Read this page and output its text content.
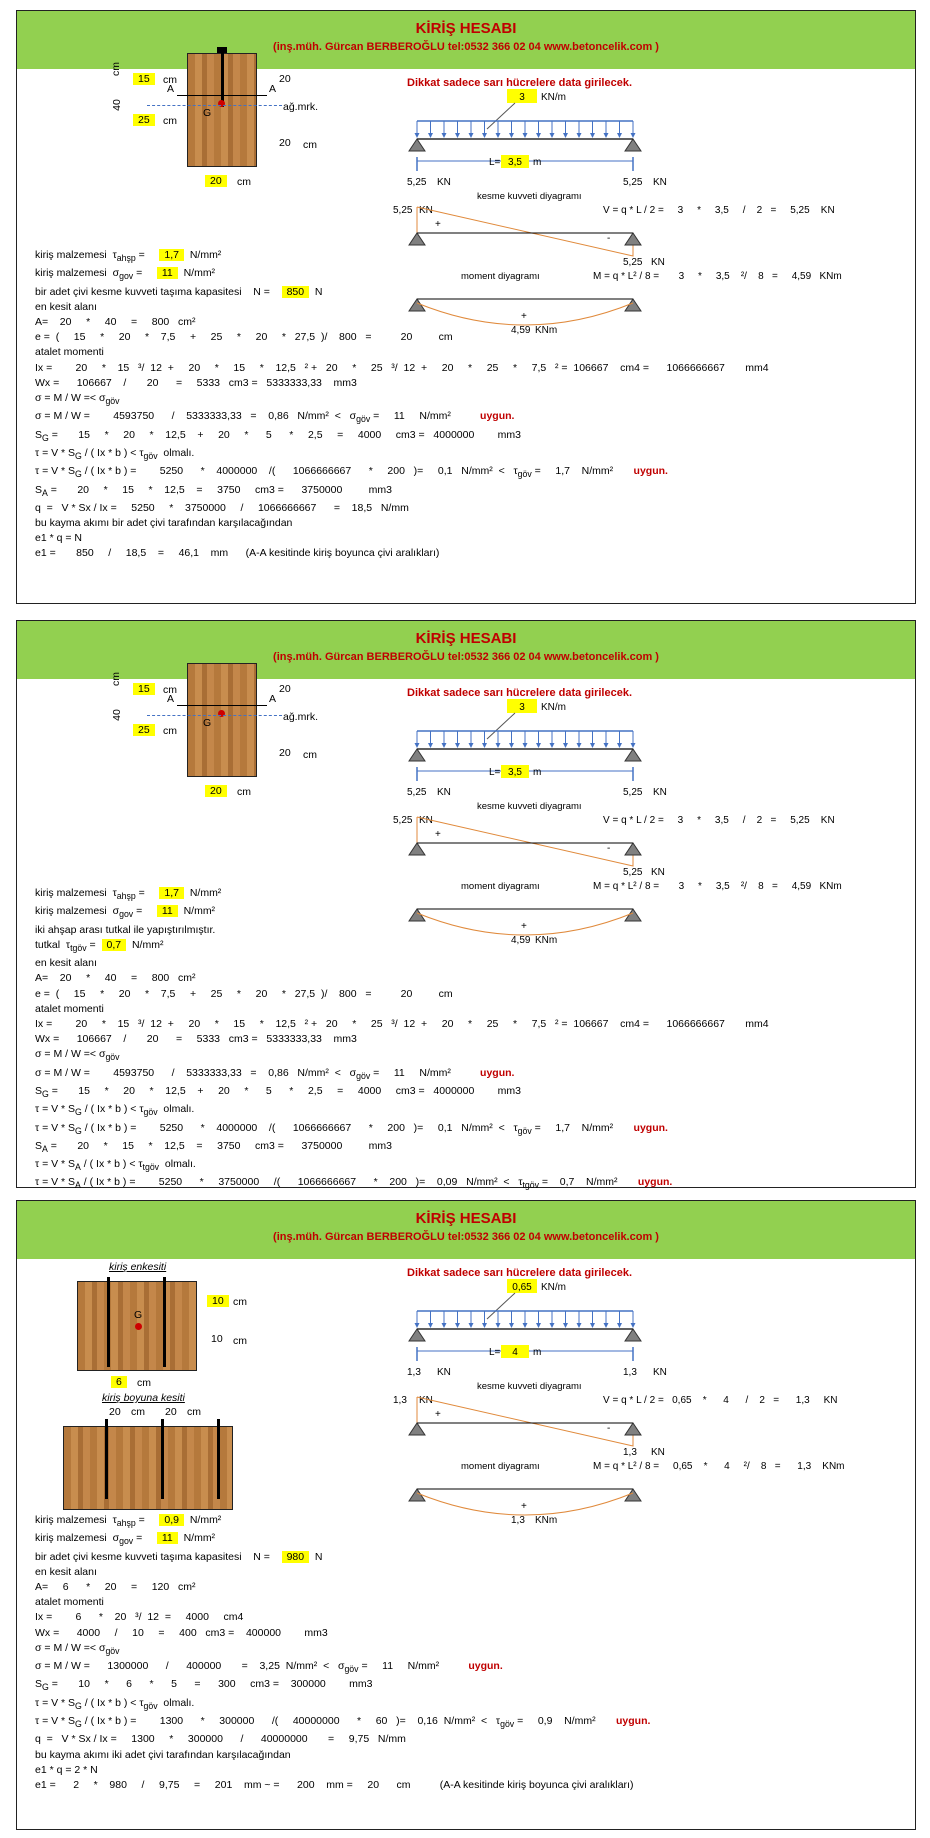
KİRİŞ HESABI
(inş.müh. Gürcan BERBEROĞLU tel:0532 366 02 04 www.betoncelik.com )
Dikkat sadece sarı hücrelere data girilecek.
G
A	A
ağ.mrk.
40
cm
15	cm
25	cm
20
20 cm
20	cm
3 KN/m
L= 3,5 m
5,25 KN	5,25 KN
kesme kuvveti diyagramı
5,25 KN
+
-
5,25 KN
V = q * L / 2 =     3     *     3,5     /    2   =     5,25    KN
moment diyagramı	M = q * L² / 8 =       3     *     3,5    ²/    8   =     4,59   KNm
+
4,59 KNm
kiriş malzemesi  $\tau_{ahşp}$ =     1,7  N/mm²
kiriş malzemesi  $\sigma_{gov}$ =     11  N/mm²
bir adet çivi kesme kuvveti taşıma kapasitesi    N =    850  N
en kesit alanı
A=    20     *     40     =     800   cm²
e =  (     15     *     20     *    7,5     +     25     *     20     *   27,5  )/    800   =          20         cm
atalet momenti
Ix =        20     *    15   ³/  12  +     20     *     15     *    12,5   ² +   20     *     25   ³/  12  +     20     *     25     *     7,5   ² =  106667    cm4 =      1066666667       mm4
Wx =      106667    /       20      =     5333   cm3 =   5333333,33    mm3
$\sigma = M / W =< \sigma_{göv}$
σ = M / W =        4593750      /    5333333,33   =    0,86   $N/mm^2 < \sigma_{göv}$ =     11     N/mm²          uygun.
$S_G$ =       15     *     20     *    12,5    +     20     *      5      *     2,5     =     4000     cm3 =   4000000        mm3
$\tau = V * S_G$ / ( Ix * b ) < $\tau_{göv}$  olmalı.
$\tau = V * S_G$ / ( Ix * b ) =        5250      *    4000000    /(      1066666667      *     200   )=     0,1   $N/mm^2 < \tau_{göv}$ =     1,7    N/mm²       uygun.
$S_A$ =       20     *     15     *    12,5    =     3750     cm3 =      3750000         mm3
q  =   V * Sx / Ix =     5250     *    3750000     /     1066666667      =    18,5   N/mm
bu kayma akımı bir adet çivi tarafından karşılacağından
e1 * q = N
e1 =       850     /     18,5    =     46,1    mm      (A-A kesitinde kiriş boyunca çivi aralıkları)
KİRİŞ HESABI
(inş.müh. Gürcan BERBEROĞLU tel:0532 366 02 04 www.betoncelik.com )
Dikkat sadece sarı hücrelere data girilecek.
G
A	A
ağ.mrk.
40
cm
15	cm
25	cm
20
20 cm
20	cm
3 KN/m
L= 3,5 m
5,25 KN	5,25 KN
kesme kuvveti diyagramı
5,25 KN
+
-
5,25 KN
V = q * L / 2 =     3     *     3,5     /    2   =     5,25    KN
moment diyagramı	M = q * L² / 8 =       3     *     3,5    ²/    8   =     4,59   KNm
+
4,59 KNm
kiriş malzemesi  $\tau_{ahşp}$ =     1,7  N/mm²
kiriş malzemesi  $\sigma_{gov}$ =     11  N/mm²
iki ahşap arası tutkal ile yapıştırılmıştır.
tutkal  $\tau_{tgöv} = 0,7$  N/mm²
en kesit alanı
A=    20     *     40     =     800   cm²
e =  (     15     *     20     *    7,5     +     25     *     20     *   27,5  )/    800   =          20         cm
atalet momenti
Ix =        20     *    15   ³/  12  +     20     *     15     *    12,5   ² +   20     *     25   ³/  12  +     20     *     25     *     7,5   ² =  106667    cm4 =      1066666667       mm4
Wx =      106667    /       20      =     5333   cm3 =   5333333,33    mm3
$\sigma = M / W =< \sigma_{göv}$
σ = M / W =        4593750      /    5333333,33   =    0,86   $N/mm^2 < \sigma_{göv}$ =     11     N/mm²          uygun.
$S_G$ =       15     *     20     *    12,5    +     20     *      5      *     2,5     =     4000     cm3 =   4000000        mm3
$\tau = V * S_G$ / ( Ix * b ) < $\tau_{göv}$  olmalı.
$\tau = V * S_G$ / ( Ix * b ) =        5250      *    4000000    /(      1066666667      *     200   )=     0,1   $N/mm^2 < \tau_{göv}$ =     1,7    N/mm²       uygun.
$S_A$ =       20     *     15     *    12,5    =     3750     cm3 =      3750000         mm3
$\tau = V * S_A$ / ( Ix * b ) < $\tau_{tgöv}$  olmalı.
$\tau = V * S_A$ / ( Ix * b ) =        5250      *     3750000     /(      1066666667      *    200   )=    0,09   $N/mm^2 < \tau_{tgöv}$ =    0,7    N/mm²       uygun.
KİRİŞ HESABI
(inş.müh. Gürcan BERBEROĞLU tel:0532 366 02 04 www.betoncelik.com )
Dikkat sadece sarı hücrelere data girilecek.
kiriş enkesiti
G
10 cm
10 cm
6	cm
kiriş boyuna kesiti
20 cm 20 cm
0,65 KN/m
L= 4 m
1,3 KN	1,3 KN
kesme kuvveti diyagramı
1,3 KN
+
-
1,3 KN
V = q * L / 2 =   0,65    *      4      /    2   =      1,3     KN
moment diyagramı	M = q * L² / 8 =     0,65    *      4     ²/    8   =      1,3    KNm
+
1,3 KNm
kiriş malzemesi  $\tau_{ahşp}$ =     0,9  N/mm²
kiriş malzemesi  $\sigma_{gov}$ =     11  N/mm²
bir adet çivi kesme kuvveti taşıma kapasitesi    N =    980  N
en kesit alanı
A=     6      *     20     =     120   cm²
atalet momenti
Ix =        6      *    20   ³/  12  =     4000     cm4
Wx =      4000     /     10     =     400   cm3 =    400000        mm3
$\sigma = M / W =< \sigma_{göv}$
σ = M / W =      1300000      /      400000       =    3,25  $N/mm^2 < \sigma_{göv}$ =     11     N/mm²          uygun.
$S_G$ =       10     *      6      *      5      =      300     cm3 =    300000        mm3
$\tau = V * S_G$ / ( Ix * b ) < $\tau_{göv}$  olmalı.
$\tau = V * S_G$ / ( Ix * b ) =        1300      *     300000      /(     40000000      *     60   )=    0,16  $N/mm^2 < \tau_{göv}$ =     0,9    N/mm²       uygun.
q  =   V * Sx / Ix =     1300     *     300000      /      40000000       =     9,75   N/mm
bu kayma akımı iki adet çivi tarafından karşılacağından
e1 * q = 2 * N
e1 =      2     *    980     /     9,75     =     201    mm ~ =      200    mm =     20      cm          (A-A kesitinde kiriş boyunca çivi aralıkları)
